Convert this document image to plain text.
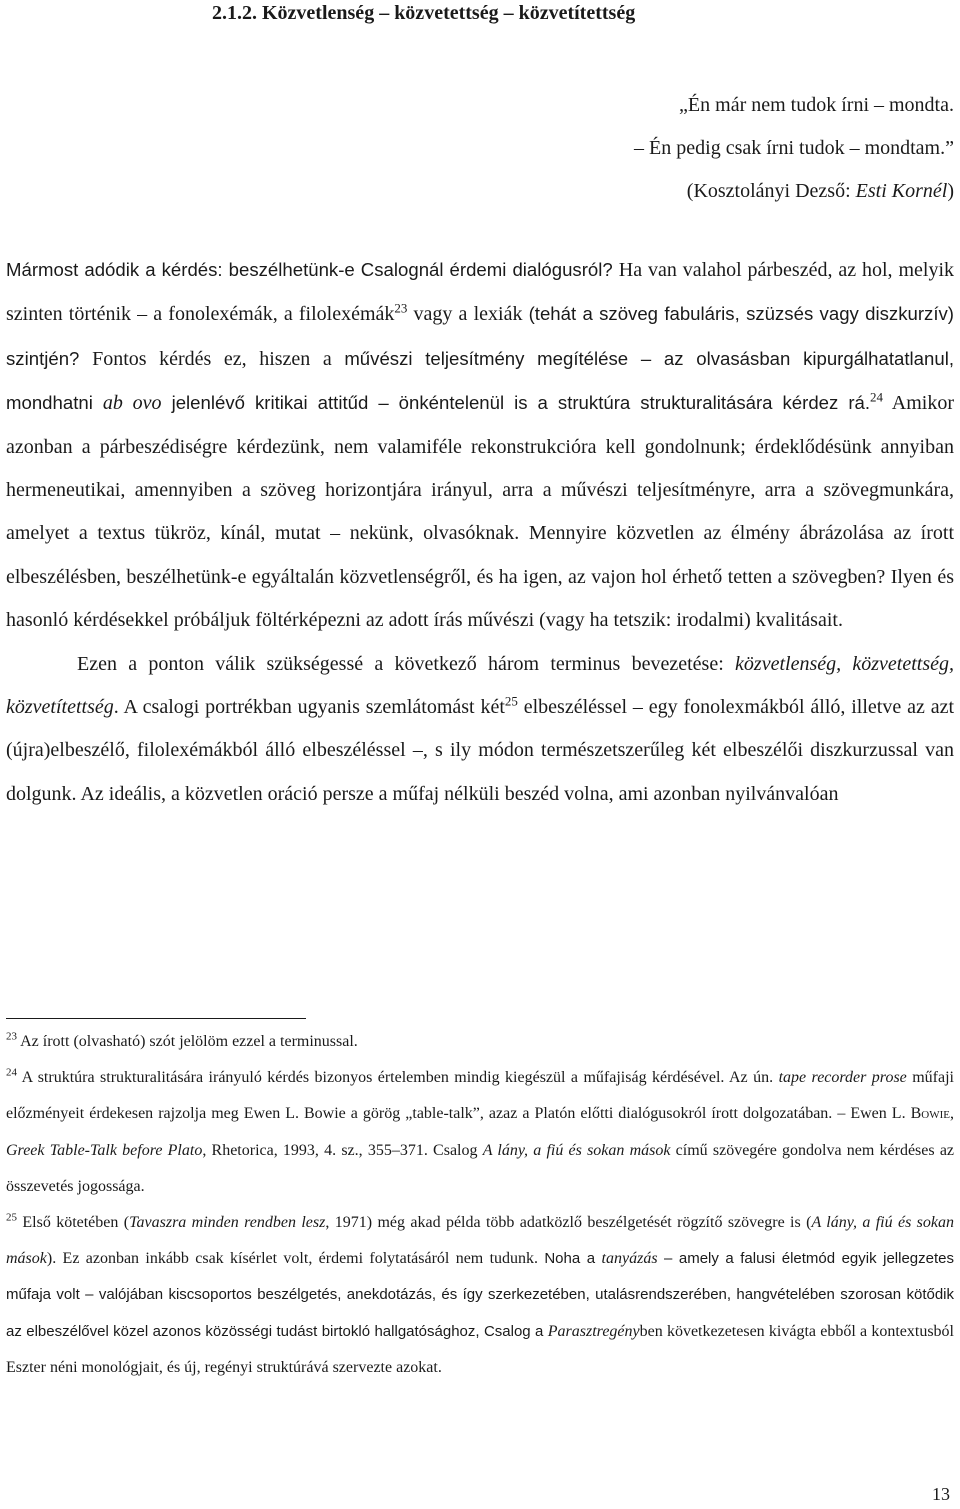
2.1.2. Közvetlenség – közvetettség – közvetítettség
„Én már nem tudok írni – mondta.
– Én pedig csak írni tudok – mondtam.”
(Kosztolányi Dezső: Esti Kornél)

Mármost adódik a kérdés: beszélhetünk-e Csalognál érdemi dialógusról? Ha van valahol párbeszéd, az hol, melyik szinten történik – a fonolexémák, a filolexémák$^{23}$ vagy a lexiák (tehát a szöveg fabuláris, szüzsés vagy diszkurzív) szintjén? Fontos kérdés ez, hiszen a művészi teljesítmény megítélése – az olvasásban kipurgálhatatlanul, mondhatni ab ovo jelenlévő kritikai attitűd – önkéntelenül is a struktúra strukturalitására kérdez rá.$^{24}$ Amikor azonban a párbeszédiségre kérdezünk, nem valamiféle rekonstrukcióra kell gondolnunk; érdeklődésünk annyiban hermeneutikai, amennyiben a szöveg horizontjára irányul, arra a művészi teljesítményre, arra a szövegmunkára, amelyet a textus tükröz, kínál, mutat – nekünk, olvasóknak. Mennyire közvetlen az élmény ábrázolása az írott elbeszélésben, beszélhetünk-e egyáltalán közvetlenségről, és ha igen, az vajon hol érhető tetten a szövegben? Ilyen és hasonló kérdésekkel próbáljuk föltérképezni az adott írás művészi (vagy ha tetszik: irodalmi) kvalitásait.

Ezen a ponton válik szükségessé a következő három terminus bevezetése: közvetlenség, közvetettség, közvetítettség. A csalogi portrékban ugyanis szemlátomást két$^{25}$ elbeszéléssel – egy fonolexmákból álló, illetve az azt (újra)elbeszélő, filolexémákból álló elbeszéléssel –, s ily módon természetszerűleg két elbeszélői diszkurzussal van dolgunk. Az ideális, a közvetlen oráció persze a műfaj nélküli beszéd volna, ami azonban nyilvánvalóan

$^{23}$ Az írott (olvasható) szót jelölöm ezzel a terminussal.

$^{24}$ A struktúra strukturalitására irányuló kérdés bizonyos értelemben mindig kiegészül a műfajiság kérdésével. Az ún. tape recorder prose műfaji előzményeit érdekesen rajzolja meg Ewen L. Bowie a görög „table-talk”, azaz a Platón előtti dialógusokról írott dolgozatában. – Ewen L. Bowie, Greek Table-Talk before Plato, Rhetorica, 1993, 4. sz., 355–371. Csalog A lány, a fiú és sokan mások című szövegére gondolva nem kérdéses az összevetés jogossága.

$^{25}$ Első kötetében (Tavaszra minden rendben lesz, 1971) még akad példa több adatközlő beszélgetését rögzítő szövegre is (A lány, a fiú és sokan mások). Ez azonban inkább csak kísérlet volt, érdemi folytatásáról nem tudunk. Noha a tanyázás – amely a falusi életmód egyik jellegzetes műfaja volt – valójában kiscsoportos beszélgetés, anekdotázás, és így szerkezetében, utalásrendszerében, hangvételében szorosan kötődik az elbeszélővel közel azonos közösségi tudást birtokló hallgatósághoz, Csalog a Parasztregényben következetesen kivágta ebből a kontextusból Eszter néni monológjait, és új, regényi struktúrává szervezte azokat.

13
